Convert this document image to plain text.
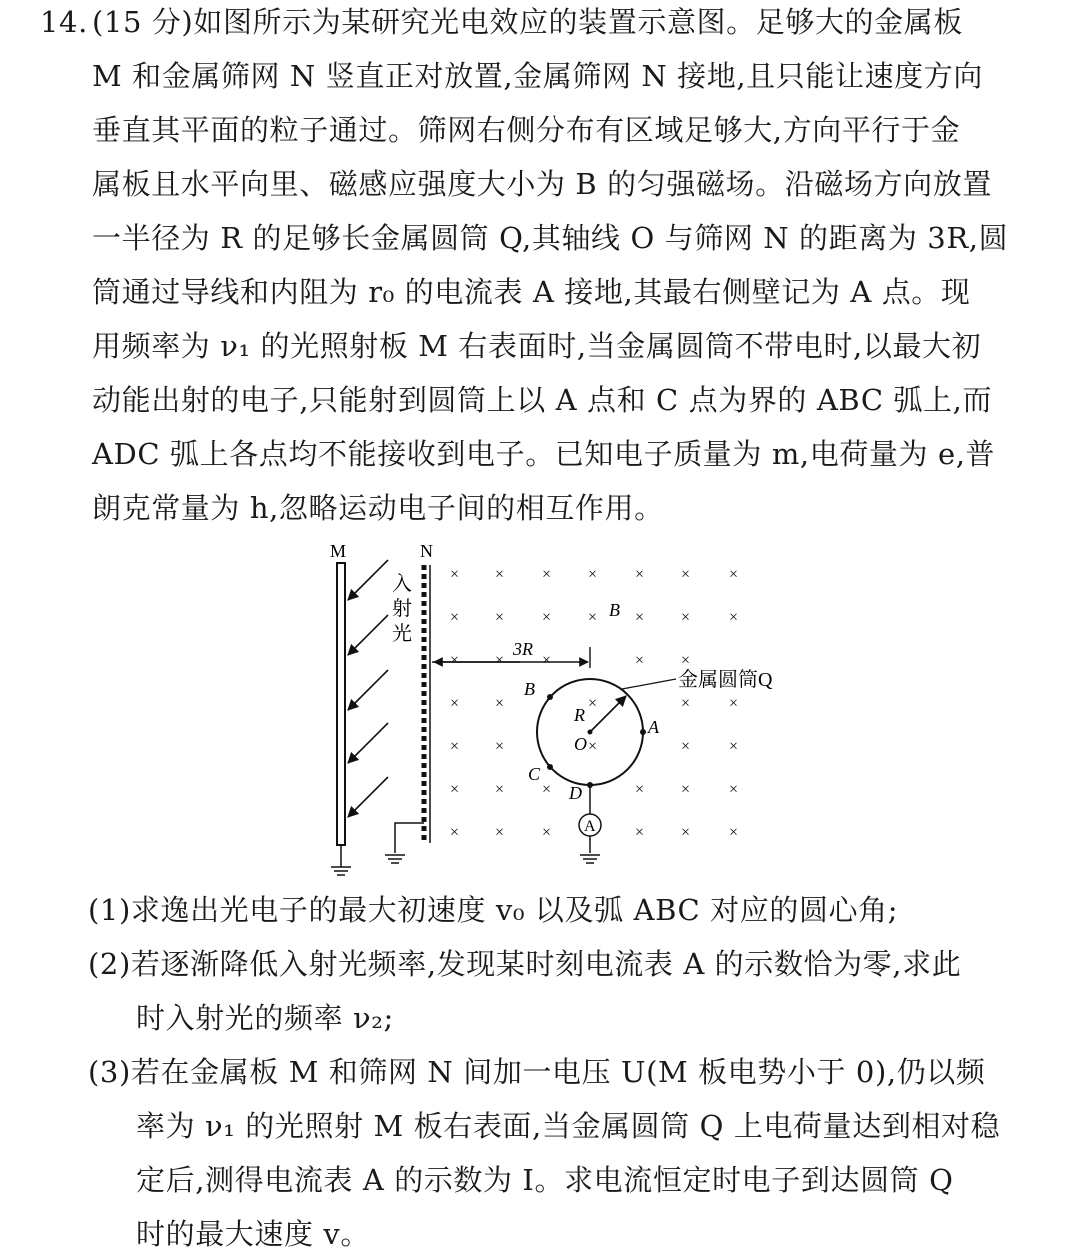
14. (15 分)如图所示为某研究光电效应的装置示意图。足够大的金属板
M 和金属筛网 N 竖直正对放置,金属筛网 N 接地,且只能让速度方向
垂直其平面的粒子通过。筛网右侧分布有区域足够大,方向平行于金
属板且水平向里、磁感应强度大小为 B 的匀强磁场。沿磁场方向放置
一半径为 R 的足够长金属圆筒 Q,其轴线 O 与筛网 N 的距离为 3R,圆
筒通过导线和内阻为 r₀ 的电流表 A 接地,其最右侧壁记为 A 点。现
用频率为 ν₁ 的光照射板 M 右表面时,当金属圆筒不带电时,以最大初
动能出射的电子,只能射到圆筒上以 A 点和 C 点为界的 ABC 弧上,而
ADC 弧上各点均不能接收到电子。已知电子质量为 m,电荷量为 e,普
朗克常量为 h,忽略运动电子间的相互作用。
M	N
入
射
光
×
×
×
×
×
×
×
×
×
×
×
×
×
×
×
×
×
×
×
×
×
×
×
×
×
×
×
×
×
×
×
×
×
×
×
×
×
×
×
×
×
3R
B
R
O
B
A
C
D
金属圆筒Q
A
(1)求逸出光电子的最大初速度 v₀ 以及弧 ABC 对应的圆心角;
(2)若逐渐降低入射光频率,发现某时刻电流表 A 的示数恰为零,求此
时入射光的频率 ν₂;
(3)若在金属板 M 和筛网 N 间加一电压 U(M 板电势小于 0),仍以频
率为 ν₁ 的光照射 M 板右表面,当金属圆筒 Q 上电荷量达到相对稳
定后,测得电流表 A 的示数为 I。求电流恒定时电子到达圆筒 Q
时的最大速度 v。
